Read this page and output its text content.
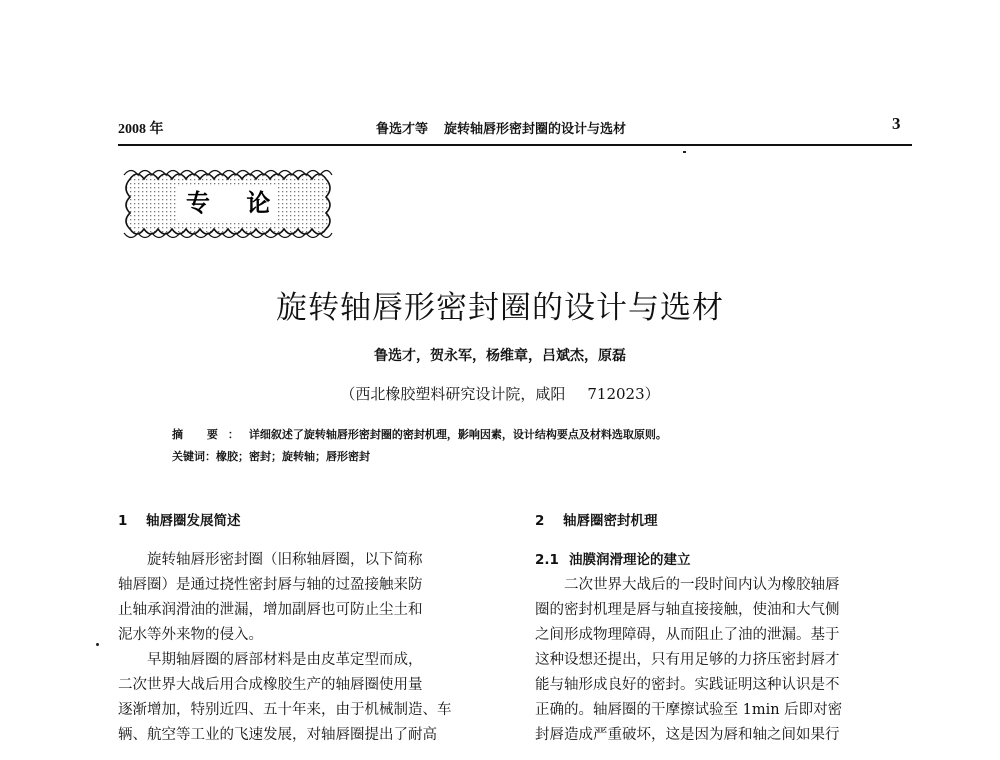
2008 年	鲁选才等 旋转轴唇形密封圈的设计与选材	3
专 论
旋转轴唇形密封圈的设计与选材
鲁选才，贺永军，杨维章，吕斌杰，原磊
（西北橡胶塑料研究设计院，咸阳 712023）
摘 要：详细叙述了旋转轴唇形密封圈的密封机理，影响因素，设计结构要点及材料选取原则。
关键词：橡胶；密封；旋转轴；唇形密封
1 轴唇圈发展简述
　　旋转轴唇形密封圈（旧称轴唇圈，以下简称
轴唇圈）是通过挠性密封唇与轴的过盈接触来防
止轴承润滑油的泄漏，增加副唇也可防止尘土和
泥水等外来物的侵入。
　　早期轴唇圈的唇部材料是由皮革定型而成，
二次世界大战后用合成橡胶生产的轴唇圈使用量
逐渐增加，特别近四、五十年来，由于机械制造、车
辆、航空等工业的飞速发展，对轴唇圈提出了耐高
2 轴唇圈密封机理
2.1 油膜润滑理论的建立
　　二次世界大战后的一段时间内认为橡胶轴唇
圈的密封机理是唇与轴直接接触，使油和大气侧
之间形成物理障碍，从而阻止了油的泄漏。基于
这种设想还提出，只有用足够的力挤压密封唇才
能与轴形成良好的密封。实践证明这种认识是不
正确的。轴唇圈的干摩擦试验至 1min 后即对密
封唇造成严重破坏，这是因为唇和轴之间如果行
